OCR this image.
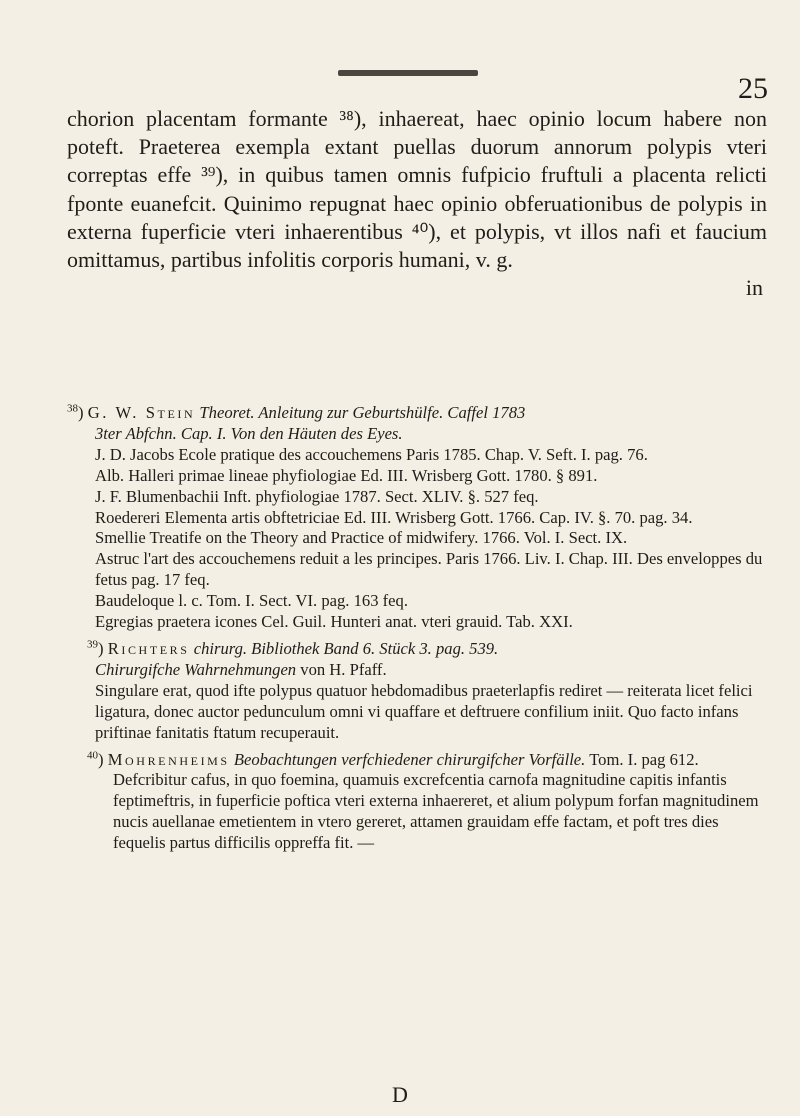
25

chorion placentam formante ³⁸), inhaereat, haec opinio locum habere non poteft. Praeterea exempla extant puellas duorum annorum polypis vteri correptas effe ³⁹), in quibus tamen omnis fufpicio fruftuli a placenta relicti fponte euanefcit. Quinimo repugnat haec opinio obferuationibus de polypis in externa fuperficie vteri inhaerentibus ⁴⁰), et polypis, vt illos nafi et faucium omittamus, partibus infolitis corporis humani, v. g.

in

$^{38}$) G. W. Stein Theoret. Anleitung zur Geburtshülfe. Caffel 1783

3ter Abfchn. Cap. I. Von den Häuten des Eyes.

J. D. Jacobs Ecole pratique des accouchemens Paris 1785. Chap. V. Seft. I. pag. 76.

Alb. Halleri primae lineae phyfiologiae Ed. III. Wrisberg Gott. 1780. § 891.

J. F. Blumenbachii Inft. phyfiologiae 1787. Sect. XLIV. §. 527 feq.

Roedereri Elementa artis obftetriciae Ed. III. Wrisberg Gott. 1766. Cap. IV. §. 70. pag. 34.

Smellie Treatife on the Theory and Practice of midwifery. 1766. Vol. I. Sect. IX.

Astruc l'art des accouchemens reduit a les principes. Paris 1766. Liv. I. Chap. III. Des enveloppes du fetus pag. 17 feq.

Baudeloque l. c. Tom. I. Sect. VI. pag. 163 feq.

Egregias praetera icones Cel. Guil. Hunteri anat. vteri grauid. Tab. XXI.

$^{39}$) Richters chirurg. Bibliothek Band 6. Stück 3. pag. 539.

Chirurgifche Wahrnehmungen von H. Pfaff.

Singulare erat, quod ifte polypus quatuor hebdomadibus praeterlapfis rediret — reiterata licet felici ligatura, donec auctor pedunculum omni vi quaffare et deftruere confilium iniit. Quo facto infans priftinae fanitatis ftatum recuperauit.

$^{40}$) Mohrenheims Beobachtungen verfchiedener chirurgifcher Vorfälle. Tom. I. pag 612.

Defcribitur cafus, in quo foemina, quamuis excrefcentia carnofa magnitudine capitis infantis feptimeftris, in fuperficie poftica vteri externa inhaereret, et alium polypum forfan magnitudinem nucis auellanae emetientem in vtero gereret, attamen grauidam effe factam, et poft tres dies fequelis partus difficilis oppreffa fit. —

D
